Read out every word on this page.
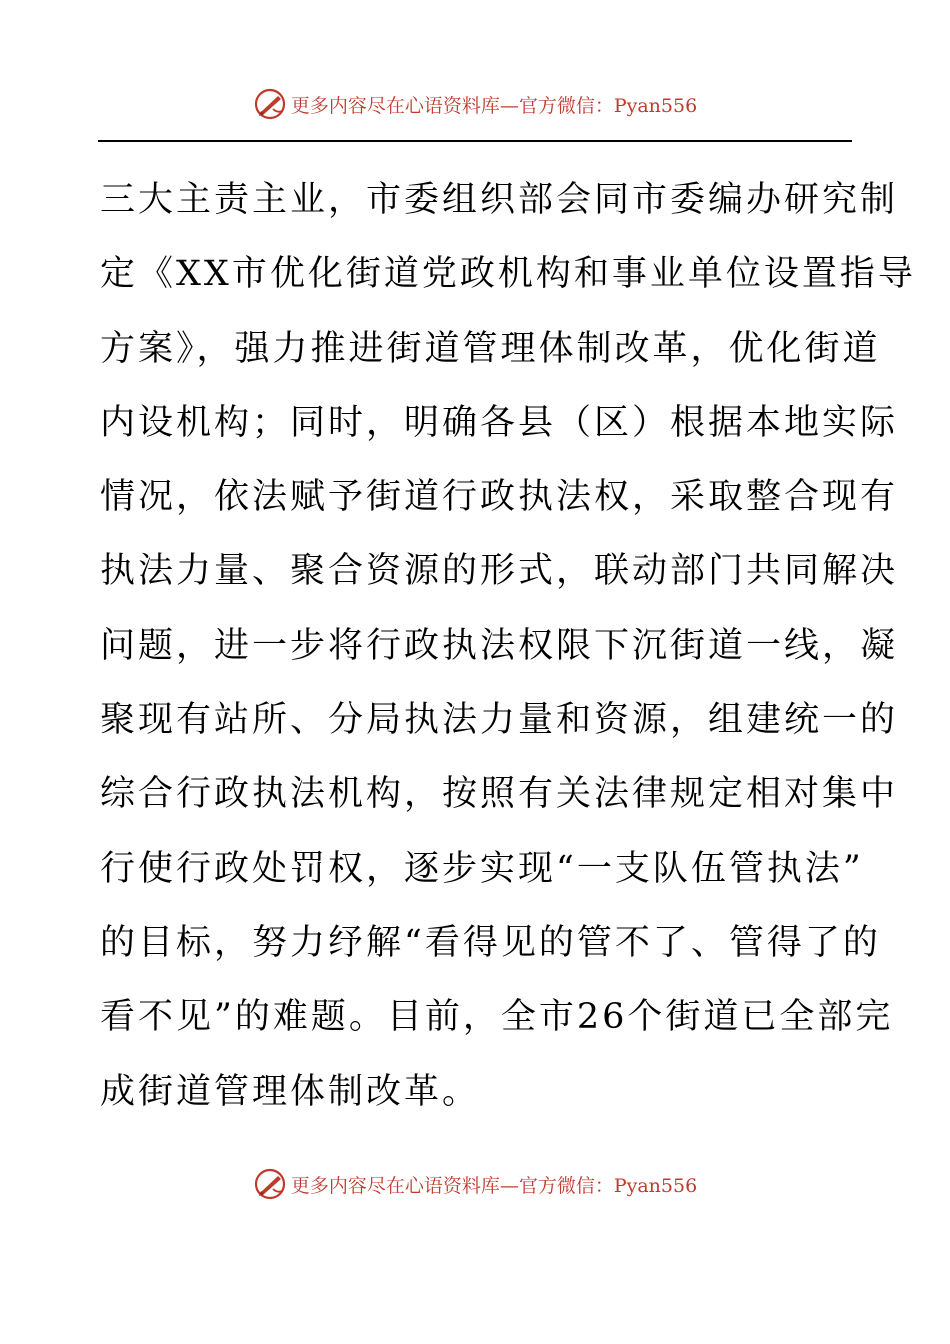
更多内容尽在心语资料库—官方微信：Pyan556
三大主责主业，市委组织部会同市委编办研究制
定《XX市优化街道党政机构和事业单位设置指导
方案》，强力推进街道管理体制改革，优化街道
内设机构；同时，明确各县（区）根据本地实际
情况，依法赋予街道行政执法权，采取整合现有
执法力量、聚合资源的形式，联动部门共同解决
问题，进一步将行政执法权限下沉街道一线，凝
聚现有站所、分局执法力量和资源，组建统一的
综合行政执法机构，按照有关法律规定相对集中
行使行政处罚权，逐步实现“一支队伍管执法”
的目标，努力纾解“看得见的管不了、管得了的
看不见”的难题。目前，全市26个街道已全部完
成街道管理体制改革。
更多内容尽在心语资料库—官方微信：Pyan556
